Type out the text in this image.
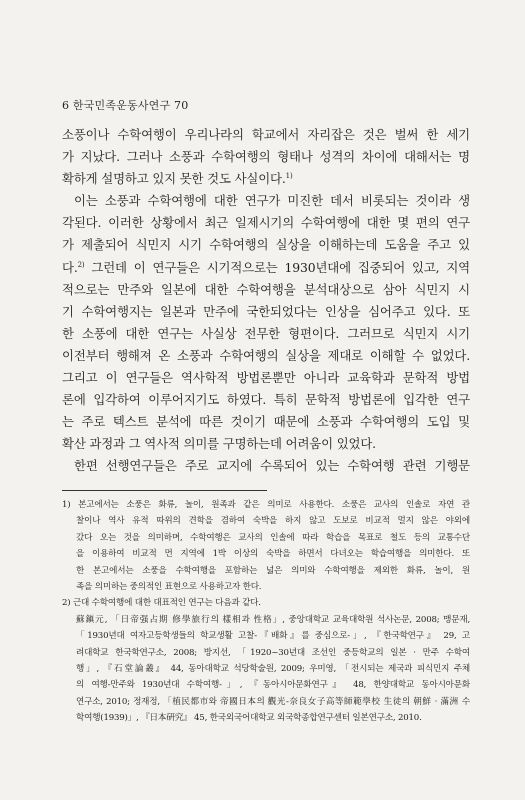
6 한국민족운동사연구 70
소풍이나 수학여행이 우리나라의 학교에서 자리잡은 것은 벌써 한 세기
가 지났다. 그러나 소풍과 수학여행의 형태나 성격의 차이에 대해서는 명
확하게 설명하고 있지 못한 것도 사실이다.$^{1)}$
이는 소풍과 수학여행에 대한 연구가 미진한 데서 비롯되는 것이라 생
각된다. 이러한 상황에서 최근 일제시기의 수학여행에 대한 몇 편의 연구
가 제출되어 식민지 시기 수학여행의 실상을 이해하는데 도움을 주고 있
다.$^{2)}$ 그런데 이 연구들은 시기적으로는 1930년대에 집중되어 있고, 지역
적으로는 만주와 일본에 대한 수학여행을 분석대상으로 삼아 식민지 시
기 수학여행지는 일본과 만주에 국한되었다는 인상을 심어주고 있다. 또
한 소풍에 대한 연구는 사실상 전무한 형편이다. 그러므로 식민지 시기
이전부터 행해져 온 소풍과 수학여행의 실상을 제대로 이해할 수 없었다.
그리고 이 연구들은 역사학적 방법론뿐만 아니라 교육학과 문학적 방법
론에 입각하여 이루어지기도 하였다. 특히 문학적 방법론에 입각한 연구
는 주로 텍스트 분석에 따른 것이기 때문에 소풍과 수학여행의 도입 및
확산 과정과 그 역사적 의미를 구명하는데 어려움이 있었다.
한편 선행연구들은 주로 교지에 수록되어 있는 수학여행 관련 기행문
1) 본고에서는 소풍은 화류, 놀이, 원족과 같은 의미로 사용한다. 소풍은 교사의 인솔로 자연 관
찰이나 역사 유적 따위의 견학을 겸하여 숙박을 하지 않고 도보로 비교적 멀지 않은 야외에
갔다 오는 것을 의미하며, 수학여행은 교사의 인솔에 따라 학습을 목표로 철도 등의 교통수단
을 이용하여 비교적 먼 지역에 1박 이상의 숙박을 하면서 다녀오는 학습여행을 의미한다. 또
한 본고에서는 소풍을 수학여행을 포함하는 넓은 의미와 수학여행을 제외한 화류, 놀이, 원
족을 의미하는 중의적인 표현으로 사용하고자 한다.
2) 근대 수학여행에 대한 대표적인 연구는 다음과 같다.
蘇鎭元, 「日帝强占期 修學旅行의 樣相과 性格」, 중앙대학교 교육대학원 석사논문, 2008; 맹문재,
「1930년대 여자고등학생들의 학교생활 고찰-『배화』를 중심으로-」, 『한국학연구』 29, 고
려대학교 한국학연구소, 2008; 방지선, 「1920~30년대 조선인 중등학교의 일본 · 만주 수학여
행」, 『石堂論叢』 44, 동아대학교 석당학술원, 2009; 우미영, 「전시되는 제국과 피식민지 주체
의 여행-만주와 1930년대 수학여행-」, 『동아시아문화연구』 48, 한양대학교 동아시아문화
연구소, 2010; 정재정, 「植民都市와 帝國日本의 觀光-奈良女子高等師範學校 生徒의 朝鮮 · 滿洲 수
학여행(1939)」, 『日本硏究』 45, 한국외국어대학교 외국학종합연구센터 일본연구소, 2010.
